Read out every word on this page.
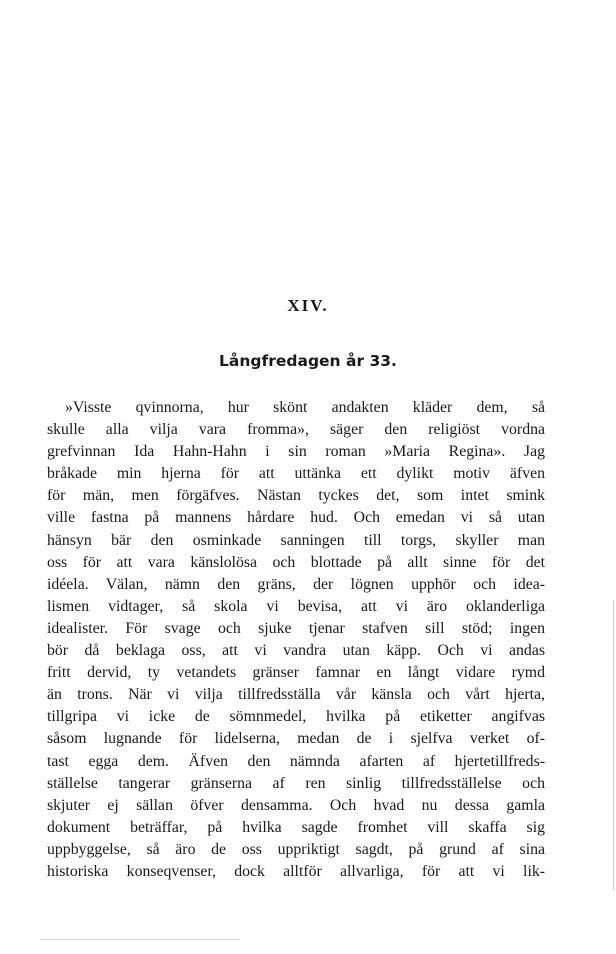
XIV.
Långfredagen år 33.
»Visste qvinnorna, hur skönt andakten kläder dem, så
skulle alla vilja vara fromma», säger den religiöst vordna
grefvinnan Ida Hahn-Hahn i sin roman »Maria Regina». Jag
bråkade min hjerna för att uttänka ett dylikt motiv äfven
för män, men förgäfves. Nästan tyckes det, som intet smink
ville fastna på mannens hårdare hud. Och emedan vi så utan
hänsyn bär den osminkade sanningen till torgs, skyller man
oss för att vara känslolösa och blottade på allt sinne för det
idéela. Välan, nämn den gräns, der lögnen upphör och idea-
lismen vidtager, så skola vi bevisa, att vi äro oklanderliga
idealister. För svage och sjuke tjenar stafven sill stöd; ingen
bör då beklaga oss, att vi vandra utan käpp. Och vi andas
fritt dervid, ty vetandets gränser famnar en långt vidare rymd
än trons. När vi vilja tillfredsställa vår känsla och vårt hjerta,
tillgripa vi icke de sömnmedel, hvilka på etiketter angifvas
såsom lugnande för lidelserna, medan de i sjelfva verket of-
tast egga dem. Äfven den nämnda afarten af hjertetillfreds-
ställelse tangerar gränserna af ren sinlig tillfredsställelse och
skjuter ej sällan öfver densamma. Och hvad nu dessa gamla
dokument beträffar, på hvilka sagde fromhet vill skaffa sig
uppbyggelse, så äro de oss uppriktigt sagdt, på grund af sina
historiska konseqvenser, dock alltför allvarliga, för att vi lik-
